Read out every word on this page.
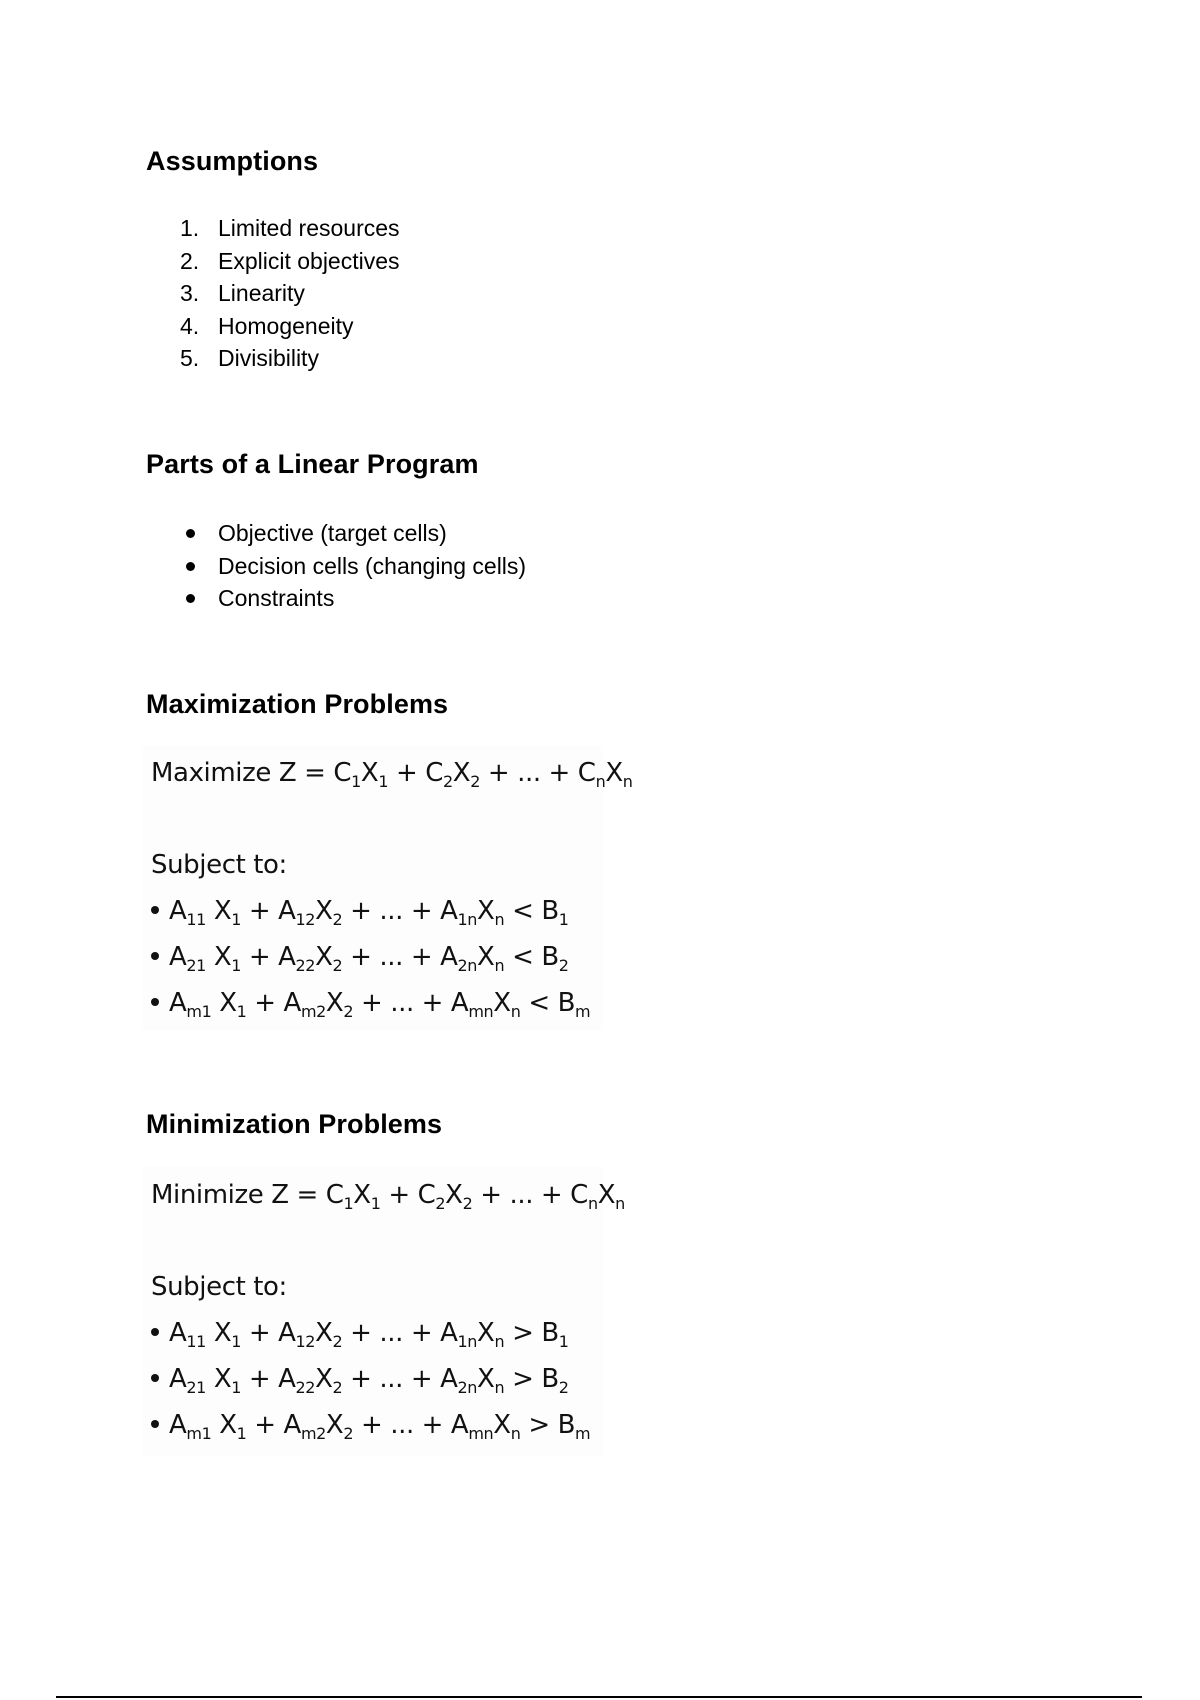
Assumptions
1. Limited resources
2. Explicit objectives
3. Linearity
4. Homogeneity
5. Divisibility
Parts of a Linear Program
Objective (target cells)
Decision cells (changing cells)
Constraints
Maximization Problems
Maximize $Z = C_1X_1 + C_2X_2$ + ... + $C_nX_n$
Subject to:
$A_{11}$ $X_1 + A_{12}X_2$ + ... + $A_{1n}X_n < B_1$
$A_{21}$ $X_1 + A_{22}X_2$ + ... + $A_{2n}X_n < B_2$
$A_{m1}$ $X_1 + A_{m2}X_2$ + ... + $A_{mn}X_n < B_m$
Minimization Problems
Minimize $Z = C_1X_1 + C_2X_2$ + ... + $C_nX_n$
Subject to:
$A_{11}$ $X_1 + A_{12}X_2$ + ... + $A_{1n}X_n > B_1$
$A_{21}$ $X_1 + A_{22}X_2$ + ... + $A_{2n}X_n > B_2$
$A_{m1}$ $X_1 + A_{m2}X_2$ + ... + $A_{mn}X_n > B_m$
